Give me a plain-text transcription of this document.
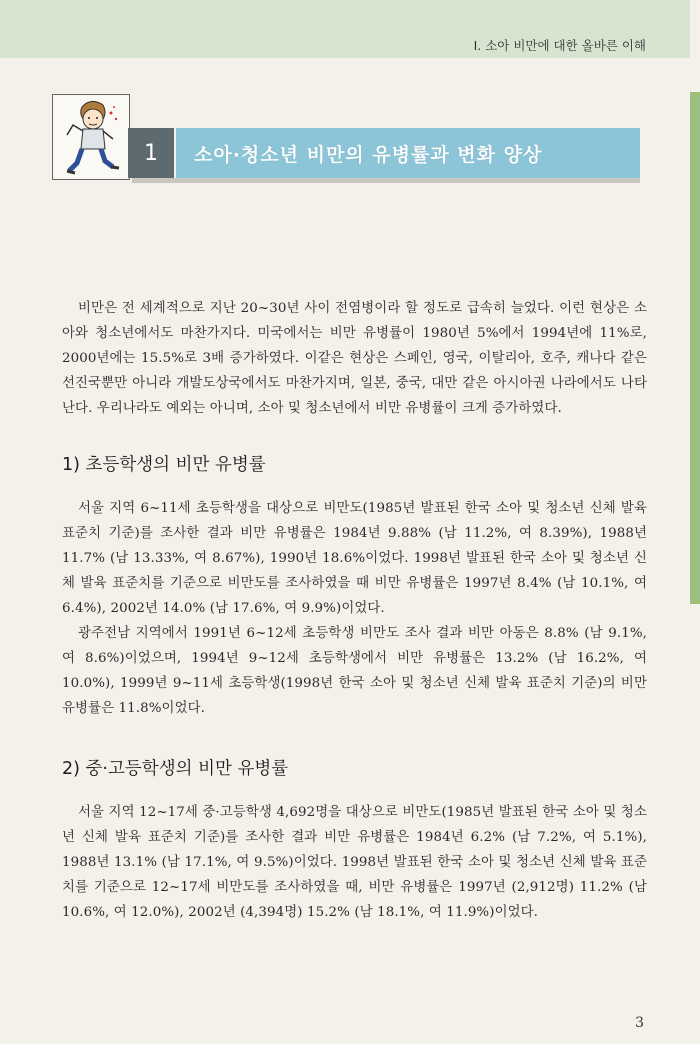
I. 소아 비만에 대한 올바른 이해
1	소아·청소년 비만의 유병률과 변화 양상

비만은 전 세계적으로 지난 20~30년 사이 전염병이라 할 정도로 급속히 늘었다. 이런 현상은 소아와 청소년에서도 마찬가지다. 미국에서는 비만 유병률이 1980년 5%에서 1994년에 11%로, 2000년에는 15.5%로 3배 증가하였다. 이같은 현상은 스페인, 영국, 이탈리아, 호주, 캐나다 같은 선진국뿐만 아니라 개발도상국에서도 마찬가지며, 일본, 중국, 대만 같은 아시아권 나라에서도 나타난다. 우리나라도 예외는 아니며, 소아 및 청소년에서 비만 유병률이 크게 증가하였다.

1) 초등학생의 비만 유병률

서울 지역 6~11세 초등학생을 대상으로 비만도(1985년 발표된 한국 소아 및 청소년 신체 발육 표준치 기준)를 조사한 결과 비만 유병률은 1984년 9.88% (남 11.2%, 여 8.39%), 1988년 11.7% (남 13.33%, 여 8.67%), 1990년 18.6%이었다. 1998년 발표된 한국 소아 및 청소년 신체 발육 표준치를 기준으로 비만도를 조사하였을 때 비만 유병률은 1997년 8.4% (남 10.1%, 여 6.4%), 2002년 14.0% (남 17.6%, 여 9.9%)이었다.

광주전남 지역에서 1991년 6~12세 초등학생 비만도 조사 결과 비만 아동은 8.8% (남 9.1%, 여 8.6%)이었으며, 1994년 9~12세 초등학생에서 비만 유병률은 13.2% (남 16.2%, 여 10.0%), 1999년 9~11세 초등학생(1998년 한국 소아 및 청소년 신체 발육 표준치 기준)의 비만 유병률은 11.8%이었다.

2) 중·고등학생의 비만 유병률

서울 지역 12~17세 중·고등학생 4,692명을 대상으로 비만도(1985년 발표된 한국 소아 및 청소년 신체 발육 표준치 기준)를 조사한 결과 비만 유병률은 1984년 6.2% (남 7.2%, 여 5.1%), 1988년 13.1% (남 17.1%, 여 9.5%)이었다. 1998년 발표된 한국 소아 및 청소년 신체 발육 표준치를 기준으로 12~17세 비만도를 조사하였을 때, 비만 유병률은 1997년 (2,912명) 11.2% (남 10.6%, 여 12.0%), 2002년 (4,394명) 15.2% (남 18.1%, 여 11.9%)이었다.

3
